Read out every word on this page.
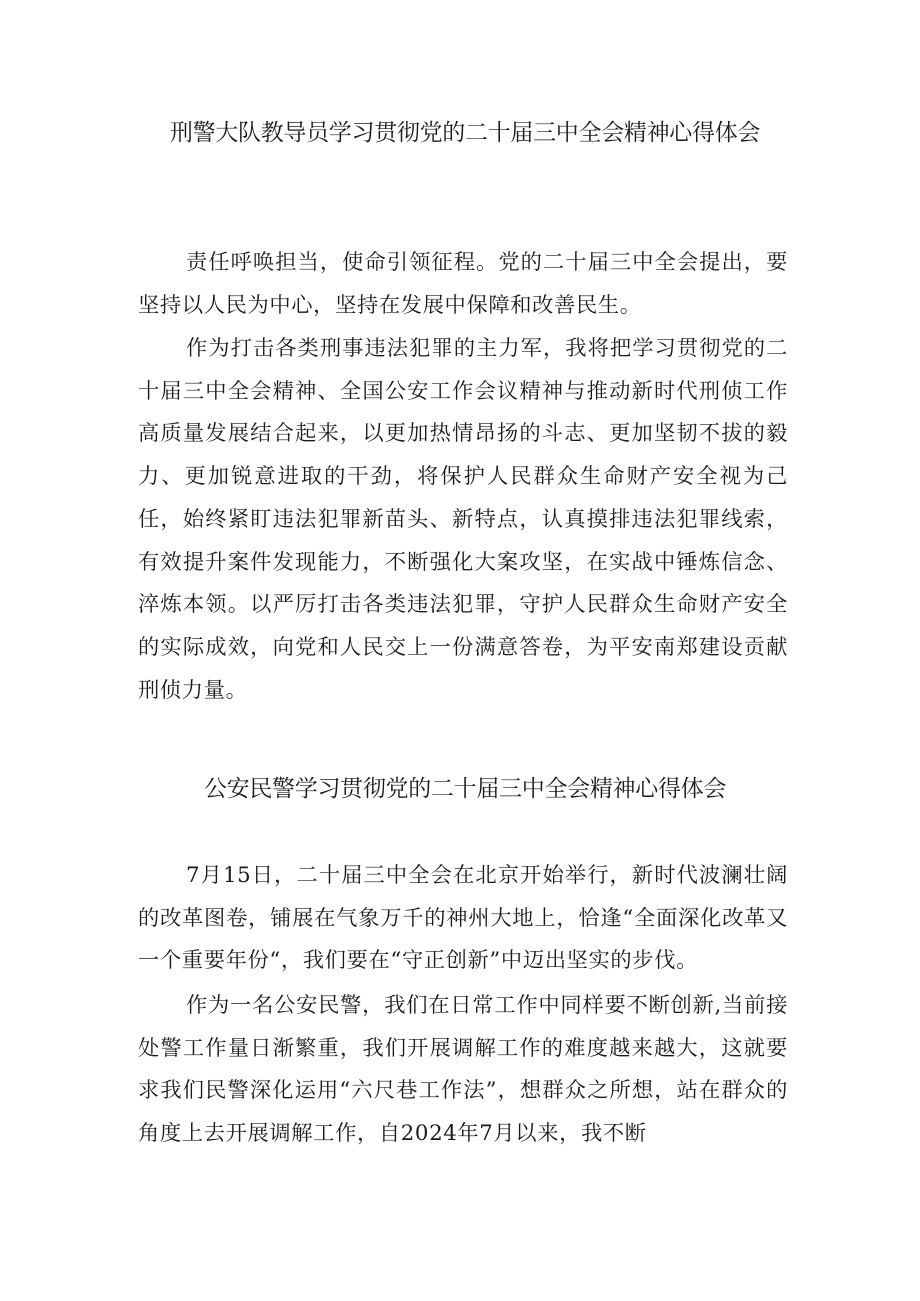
刑警大队教导员学习贯彻党的二十届三中全会精神心得体会

责任呼唤担当，使命引领征程。党的二十届三中全会提出，要坚持以人民为中心，坚持在发展中保障和改善民生。

作为打击各类刑事违法犯罪的主力军，我将把学习贯彻党的二十届三中全会精神、全国公安工作会议精神与推动新时代刑侦工作高质量发展结合起来，以更加热情昂扬的斗志、更加坚韧不拔的毅力、更加锐意进取的干劲，将保护人民群众生命财产安全视为己任，始终紧盯违法犯罪新苗头、新特点，认真摸排违法犯罪线索，有效提升案件发现能力，不断强化大案攻坚，在实战中锤炼信念、淬炼本领。以严厉打击各类违法犯罪，守护人民群众生命财产安全的实际成效，向党和人民交上一份满意答卷，为平安南郑建设贡献刑侦力量。

公安民警学习贯彻党的二十届三中全会精神心得体会

7月15日，二十届三中全会在北京开始举行，新时代波澜壮阔的改革图卷，铺展在气象万千的神州大地上，恰逢“全面深化改革又一个重要年份“，我们要在“守正创新”中迈出坚实的步伐。

作为一名公安民警，我们在日常工作中同样要不断创新,当前接处警工作量日渐繁重，我们开展调解工作的难度越来越大，这就要求我们民警深化运用“六尺巷工作法”，想群众之所想，站在群众的角度上去开展调解工作，自2024年7月以来，我不断
